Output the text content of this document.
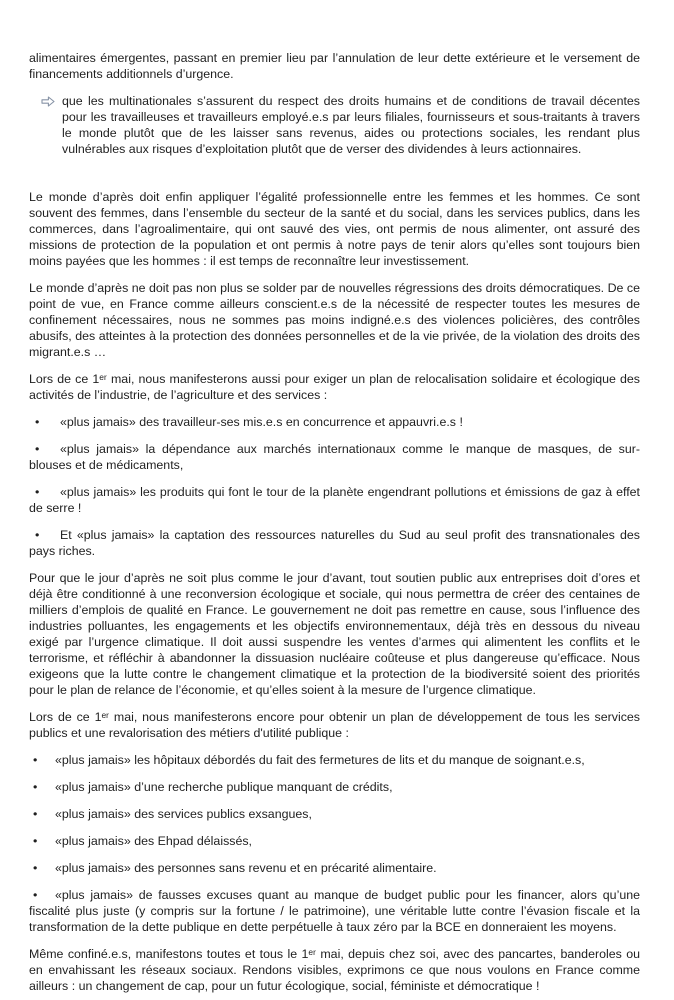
alimentaires émergentes, passant en premier lieu par l’annulation de leur dette extérieure et le versement de financements additionnels d’urgence.

que les multinationales s’assurent du respect des droits humains et de conditions de travail décentes pour les travailleuses et travailleurs employé.e.s par leurs filiales, fournisseurs et sous-traitants à travers le monde plutôt que de les laisser sans revenus, aides ou protections sociales, les rendant plus vulnérables aux risques d’exploitation plutôt que de verser des dividendes à leurs actionnaires.

Le monde d’après doit enfin appliquer l’égalité professionnelle entre les femmes et les hommes. Ce sont souvent des femmes, dans l’ensemble du secteur de la santé et du social, dans les services publics, dans les commerces, dans l’agroalimentaire, qui ont sauvé des vies, ont permis de nous alimenter, ont assuré des missions de protection de la population et ont permis à notre pays de tenir alors qu’elles sont toujours bien moins payées que les hommes : il est temps de reconnaître leur investissement.

Le monde d’après ne doit pas non plus se solder par de nouvelles régressions des droits démocratiques. De ce point de vue, en France comme ailleurs conscient.e.s de la nécessité de respecter toutes les mesures de confinement nécessaires, nous ne sommes pas moins indigné.e.s des violences policières, des contrôles abusifs, des atteintes à la protection des données personnelles et de la vie privée, de la violation des droits des migrant.e.s …

Lors de ce 1ᵉʳ mai, nous manifesterons aussi pour exiger un plan de relocalisation solidaire et écologique des activités de l’industrie, de l’agriculture et des services :

• «plus jamais» des travailleur-ses mis.e.s en concurrence et appauvri.e.s !

• «plus jamais» la dépendance aux marchés internationaux comme le manque de masques, de sur-blouses et de médicaments,

• «plus jamais» les produits qui font le tour de la planète engendrant pollutions et émissions de gaz à effet de serre !

• Et «plus jamais» la captation des ressources naturelles du Sud au seul profit des transnationales des pays riches.

Pour que le jour d’après ne soit plus comme le jour d’avant, tout soutien public aux entreprises doit d’ores et déjà être conditionné à une reconversion écologique et sociale, qui nous permettra de créer des centaines de milliers d’emplois de qualité en France. Le gouvernement ne doit pas remettre en cause, sous l’influence des industries polluantes, les engagements et les objectifs environnementaux, déjà très en dessous du niveau exigé par l’urgence climatique. Il doit aussi suspendre les ventes d’armes qui alimentent les conflits et le terrorisme, et réfléchir à abandonner la dissuasion nucléaire coûteuse et plus dangereuse qu’efficace. Nous exigeons que la lutte contre le changement climatique et la protection de la biodiversité soient des priorités pour le plan de relance de l’économie, et qu’elles soient à la mesure de l’urgence climatique.

Lors de ce 1ᵉʳ mai, nous manifesterons encore pour obtenir un plan de développement de tous les services publics et une revalorisation des métiers d'utilité publique :

• «plus jamais» les hôpitaux débordés du fait des fermetures de lits et du manque de soignant.e.s,

• «plus jamais» d’une recherche publique manquant de crédits,

• «plus jamais» des services publics exsangues,

• «plus jamais» des Ehpad délaissés,

• «plus jamais» des personnes sans revenu et en précarité alimentaire.

• «plus jamais» de fausses excuses quant au manque de budget public pour les financer, alors qu’une fiscalité plus juste (y compris sur la fortune / le patrimoine), une véritable lutte contre l’évasion fiscale et la transformation de la dette publique en dette perpétuelle à taux zéro par la BCE en donneraient les moyens.

Même confiné.e.s, manifestons toutes et tous le 1ᵉʳ mai, depuis chez soi, avec des pancartes, banderoles ou en envahissant les réseaux sociaux. Rendons visibles, exprimons ce que nous voulons en France comme ailleurs : un changement de cap, pour un futur écologique, social, féministe et démocratique !
